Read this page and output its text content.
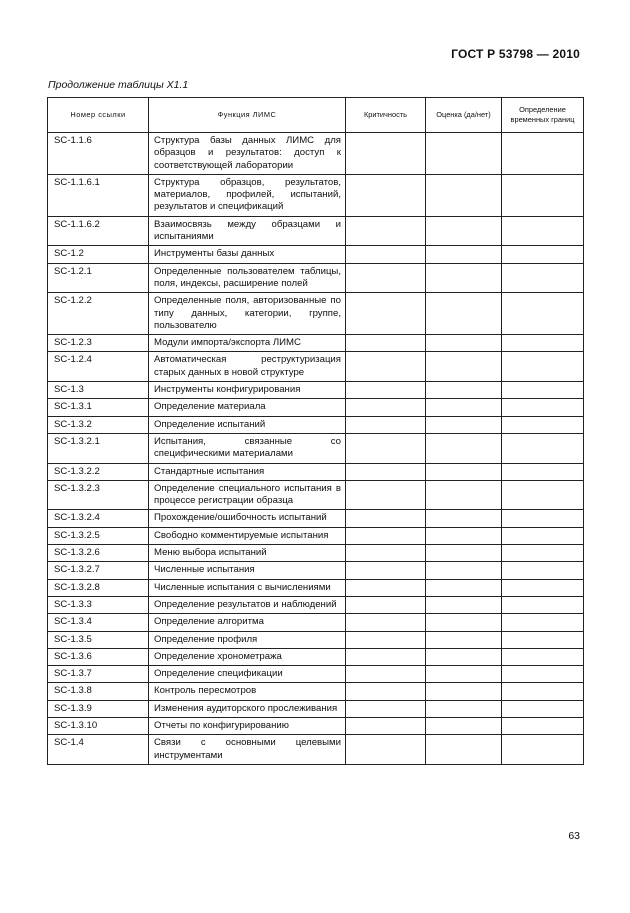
ГОСТ Р 53798 — 2010
Продолжение таблицы Х1.1
Номер ссылки	Функция ЛИМС	Критичность	Оценка (да/нет)	Определение временных границ
SC-1.1.6	Структура базы данных ЛИМС для образцов и результатов: доступ к соответствующей лаборатории			
SC-1.1.6.1	Структура образцов, результатов, материалов, профилей, испытаний, результатов и спецификаций			
SC-1.1.6.2	Взаимосвязь между образцами и испытаниями			
SC-1.2	Инструменты базы данных			
SC-1.2.1	Определенные пользователем таблицы, поля, индексы, расширение полей			
SC-1.2.2	Определенные поля, авторизованные по типу данных, категории, группе, пользователю			
SC-1.2.3	Модули импорта/экспорта ЛИМС			
SC-1.2.4	Автоматическая реструктуризация старых данных в новой структуре			
SC-1.3	Инструменты конфигурирования			
SC-1.3.1	Определение материала			
SC-1.3.2	Определение испытаний			
SC-1.3.2.1	Испытания, связанные со специфическими материалами			
SC-1.3.2.2	Стандартные испытания			
SC-1.3.2.3	Определение специального испытания в процессе регистрации образца			
SC-1.3.2.4	Прохождение/ошибочность испытаний			
SC-1.3.2.5	Свободно комментируемые испытания			
SC-1.3.2.6	Меню выбора испытаний			
SC-1.3.2.7	Численные испытания			
SC-1.3.2.8	Численные испытания с вычислениями			
SC-1.3.3	Определение результатов и наблюдений			
SC-1.3.4	Определение алгоритма			
SC-1.3.5	Определение профиля			
SC-1.3.6	Определение хронометража			
SC-1.3.7	Определение спецификации			
SC-1.3.8	Контроль пересмотров			
SC-1.3.9	Изменения аудиторского прослеживания			
SC-1.3.10	Отчеты по конфигурированию			
SC-1.4	Связи с основными целевыми инструментами			
63
